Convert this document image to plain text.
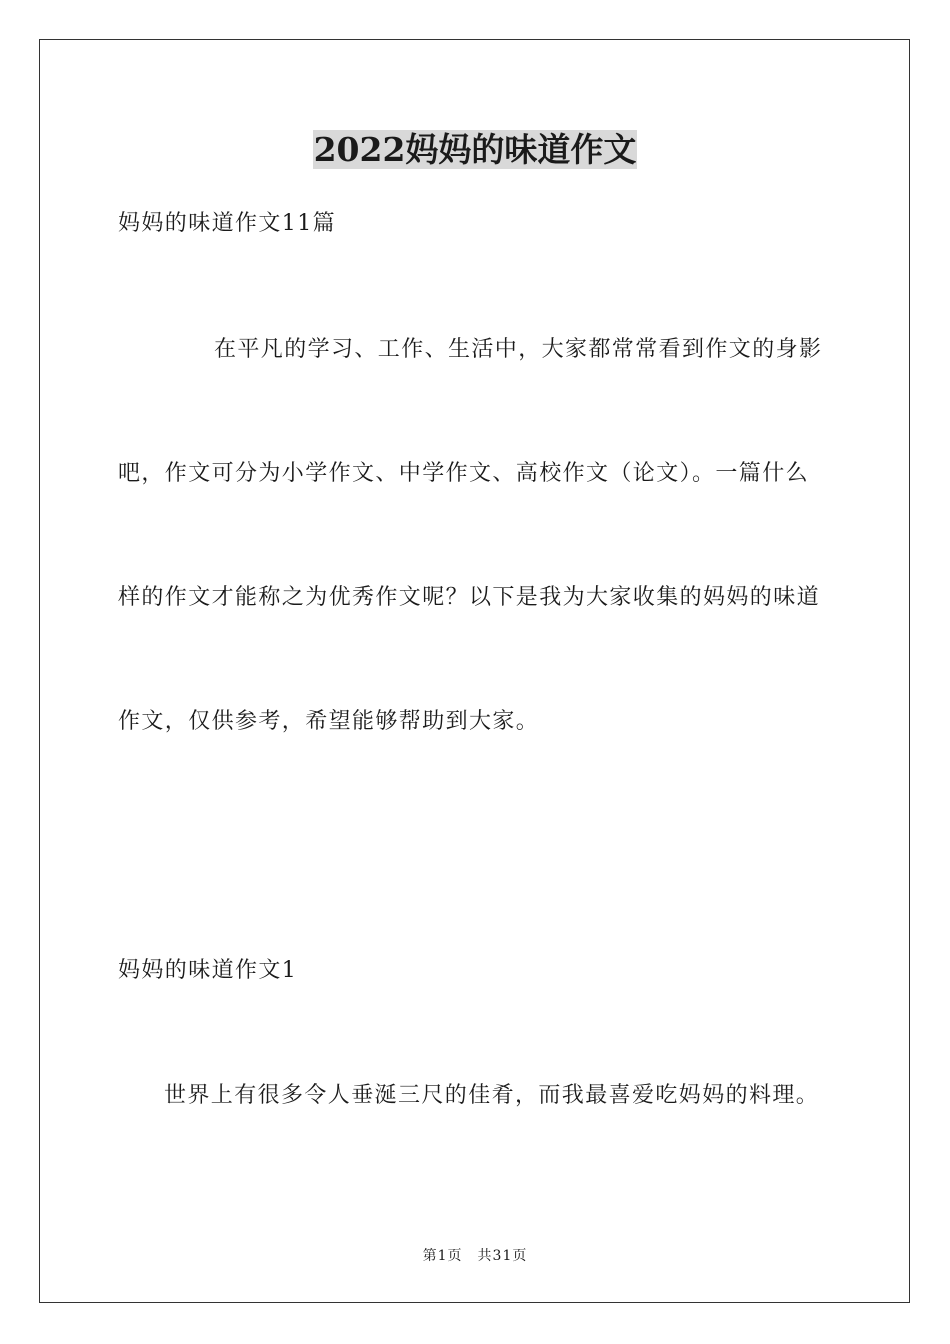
2022妈妈的味道作文

妈妈的味道作文11篇

在平凡的学习、工作、生活中，大家都常常看到作文的身影

吧，作文可分为小学作文、中学作文、高校作文（论文）。一篇什么

样的作文才能称之为优秀作文呢？以下是我为大家收集的妈妈的味道

作文，仅供参考，希望能够帮助到大家。

妈妈的味道作文1

世界上有很多令人垂涎三尺的佳肴，而我最喜爱吃妈妈的料理。

第1页　共31页
